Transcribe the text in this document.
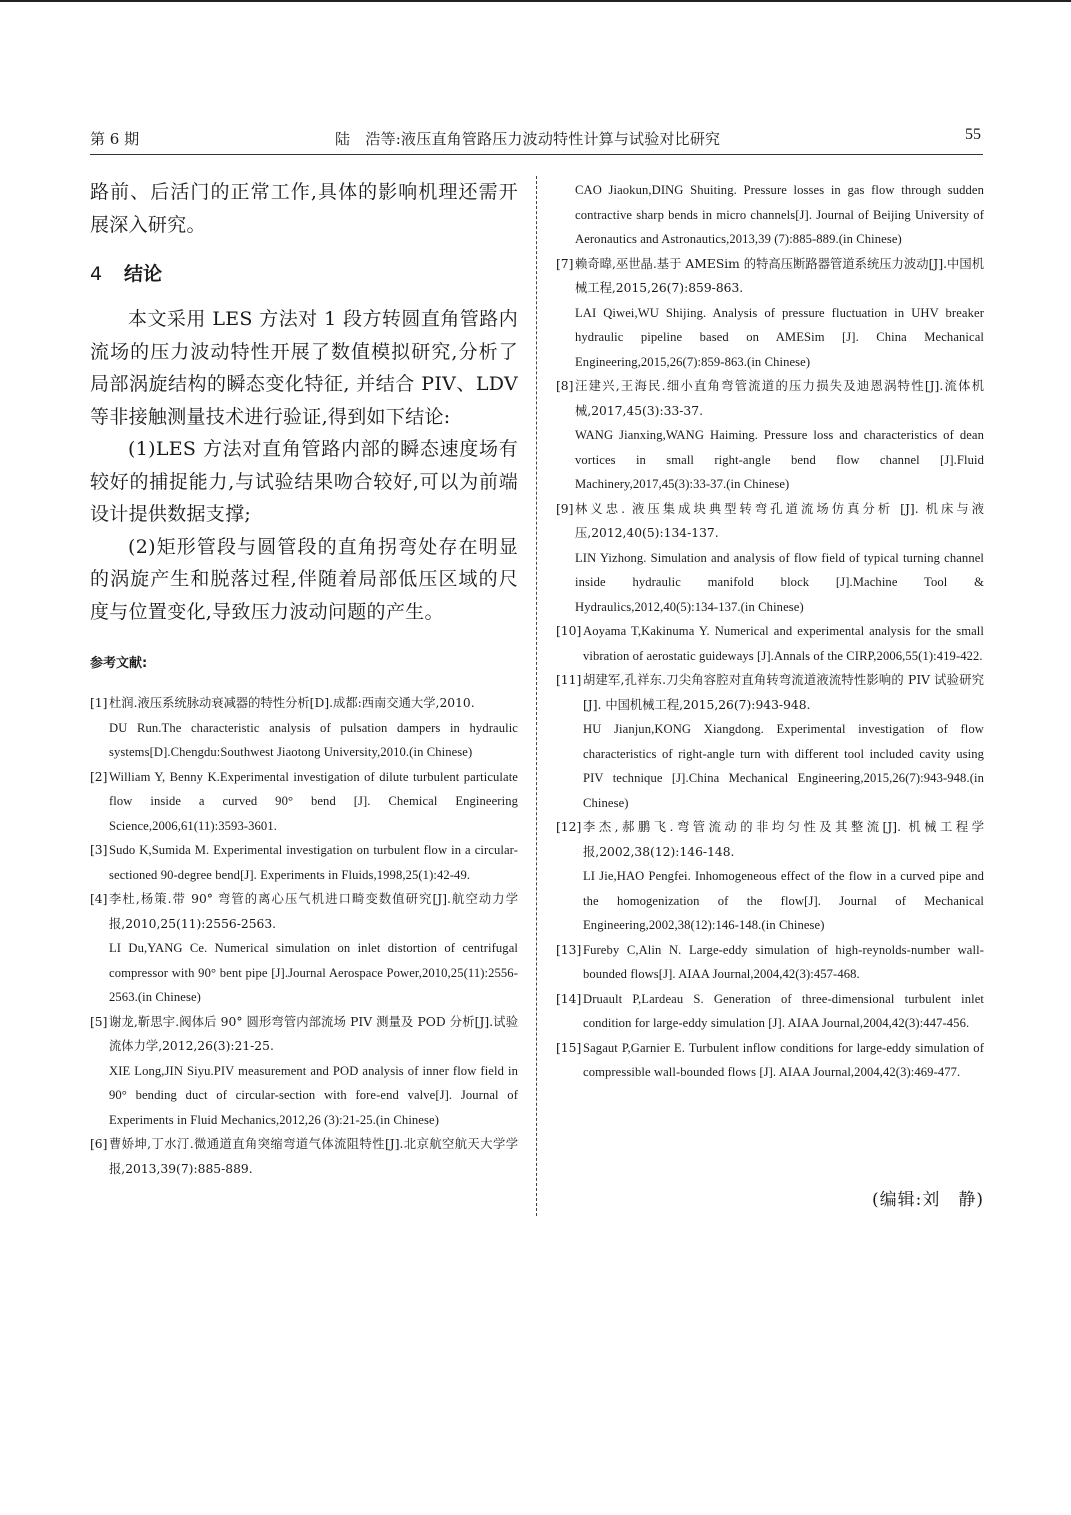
第 6 期	陆　浩等:液压直角管路压力波动特性计算与试验对比研究	55

路前、后活门的正常工作,具体的影响机理还需开展深入研究。

4 结论

本文采用 LES 方法对 1 段方转圆直角管路内流场的压力波动特性开展了数值模拟研究,分析了局部涡旋结构的瞬态变化特征, 并结合 PIV、LDV 等非接触测量技术进行验证,得到如下结论:

(1)LES 方法对直角管路内部的瞬态速度场有较好的捕捉能力,与试验结果吻合较好,可以为前端设计提供数据支撑;

(2)矩形管段与圆管段的直角拐弯处存在明显的涡旋产生和脱落过程,伴随着局部低压区域的尺度与位置变化,导致压力波动问题的产生。

参考文献:

[1] 杜润.液压系统脉动衰减器的特性分析[D].成都:西南交通大学,2010.
DU Run.The characteristic analysis of pulsation dampers in hydraulic systems[D].Chengdu:Southwest Jiaotong University,2010.(in Chinese)

[2] William Y, Benny K.Experimental investigation of dilute turbulent particulate flow inside a curved 90° bend [J]. Chemical Engineering Science,2006,61(11):3593-3601.

[3] Sudo K,Sumida M. Experimental investigation on turbulent flow in a circular-sectioned 90-degree bend[J]. Experiments in Fluids,1998,25(1):42-49.

[4] 李杜,杨策.带 90° 弯管的离心压气机进口畸变数值研究[J].航空动力学报,2010,25(11):2556-2563.
LI Du,YANG Ce. Numerical simulation on inlet distortion of centrifugal compressor with 90° bent pipe [J].Journal Aerospace Power,2010,25(11):2556-2563.(in Chinese)

[5] 谢龙,靳思宇.阀体后 90° 圆形弯管内部流场 PIV 测量及 POD 分析[J].试验流体力学,2012,26(3):21-25.
XIE Long,JIN Siyu.PIV measurement and POD analysis of inner flow field in 90° bending duct of circular-section with fore-end valve[J]. Journal of Experiments in Fluid Mechanics,2012,26 (3):21-25.(in Chinese)

[6] 曹娇坤,丁水汀.微通道直角突缩弯道气体流阻特性[J].北京航空航天大学学报,2013,39(7):885-889.

CAO Jiaokun,DING Shuiting. Pressure losses in gas flow through sudden contractive sharp bends in micro channels[J]. Journal of Beijing University of Aeronautics and Astronautics,2013,39 (7):885-889.(in Chinese)

[7] 赖奇暐,巫世晶.基于 AMESim 的特高压断路器管道系统压力波动[J].中国机械工程,2015,26(7):859-863.
LAI Qiwei,WU Shijing. Analysis of pressure fluctuation in UHV breaker hydraulic pipeline based on AMESim [J]. China Mechanical Engineering,2015,26(7):859-863.(in Chinese)

[8] 汪建兴,王海民.细小直角弯管流道的压力损失及迪恩涡特性[J].流体机械,2017,45(3):33-37.
WANG Jianxing,WANG Haiming. Pressure loss and characteristics of dean vortices in small right-angle bend flow channel [J].Fluid Machinery,2017,45(3):33-37.(in Chinese)

[9] 林义忠. 液压集成块典型转弯孔道流场仿真分析 [J]. 机床与液压,2012,40(5):134-137.
LIN Yizhong. Simulation and analysis of flow field of typical turning channel inside hydraulic manifold block [J].Machine Tool & Hydraulics,2012,40(5):134-137.(in Chinese)

[10] Aoyama T,Kakinuma Y. Numerical and experimental analysis for the small vibration of aerostatic guideways [J].Annals of the CIRP,2006,55(1):419-422.

[11] 胡建军,孔祥东.刀尖角容腔对直角转弯流道液流特性影响的 PIV 试验研究[J]. 中国机械工程,2015,26(7):943-948.
HU Jianjun,KONG Xiangdong. Experimental investigation of flow characteristics of right-angle turn with different tool included cavity using PIV technique [J].China Mechanical Engineering,2015,26(7):943-948.(in Chinese)

[12] 李杰,郝鹏飞.弯管流动的非均匀性及其整流[J]. 机械工程学报,2002,38(12):146-148.
LI Jie,HAO Pengfei. Inhomogeneous effect of the flow in a curved pipe and the homogenization of the flow[J]. Journal of Mechanical Engineering,2002,38(12):146-148.(in Chinese)

[13] Fureby C,Alin N. Large-eddy simulation of high-reynolds-number wall-bounded flows[J]. AIAA Journal,2004,42(3):457-468.

[14] Druault P,Lardeau S. Generation of three-dimensional turbulent inlet condition for large-eddy simulation [J]. AIAA Journal,2004,42(3):447-456.

[15] Sagaut P,Garnier E. Turbulent inflow conditions for large-eddy simulation of compressible wall-bounded flows [J]. AIAA Journal,2004,42(3):469-477.

(编辑:刘　静)
